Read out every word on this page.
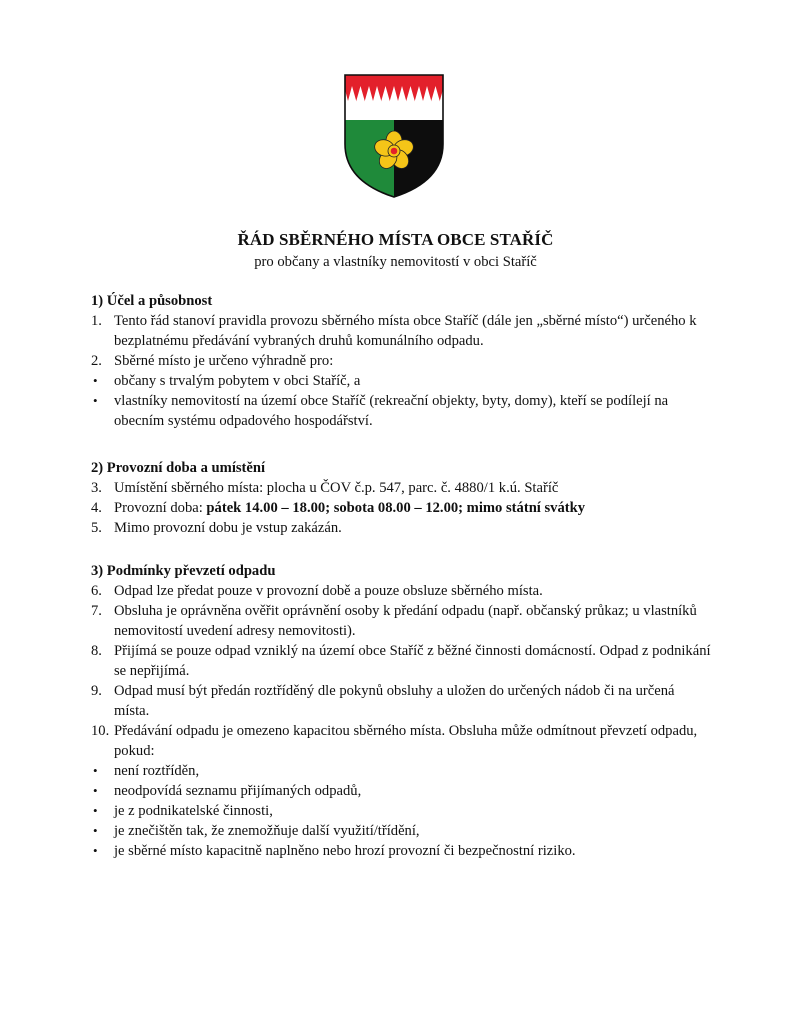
ŘÁD SBĚRNÉHO MÍSTA OBCE STAŘÍČ
pro občany a vlastníky nemovitostí v obci Staříč
1) Účel a působnost
1. Tento řád stanoví pravidla provozu sběrného místa obce Staříč (dále jen „sběrné místo“) určeného k bezplatnému předávání vybraných druhů komunálního odpadu.
2. Sběrné místo je určeno výhradně pro:
•	občany s trvalým pobytem v obci Staříč, a
•	vlastníky nemovitostí na území obce Staříč (rekreační objekty, byty, domy), kteří se podílejí na obecním systému odpadového hospodářství.
2) Provozní doba a umístění
3. Umístění sběrného místa: plocha u ČOV č.p. 547, parc. č. 4880/1 k.ú. Staříč
4. Provozní doba: pátek 14.00 – 18.00; sobota 08.00 – 12.00; mimo státní svátky
5. Mimo provozní dobu je vstup zakázán.
3) Podmínky převzetí odpadu
6. Odpad lze předat pouze v provozní době a pouze obsluze sběrného místa.
7. Obsluha je oprávněna ověřit oprávnění osoby k předání odpadu (např. občanský průkaz; u vlastníků nemovitostí uvedení adresy nemovitosti).
8. Přijímá se pouze odpad vzniklý na území obce Staříč z běžné činnosti domácností. Odpad z podnikání se nepřijímá.
9. Odpad musí být předán roztříděný dle pokynů obsluhy a uložen do určených nádob či na určená místa.
10. Předávání odpadu je omezeno kapacitou sběrného místa. Obsluha může odmítnout převzetí odpadu, pokud:
•	není roztříděn,
•	neodpovídá seznamu přijímaných odpadů,
•	je z podnikatelské činnosti,
•	je znečištěn tak, že znemožňuje další využití/třídění,
•	je sběrné místo kapacitně naplněno nebo hrozí provozní či bezpečnostní riziko.
